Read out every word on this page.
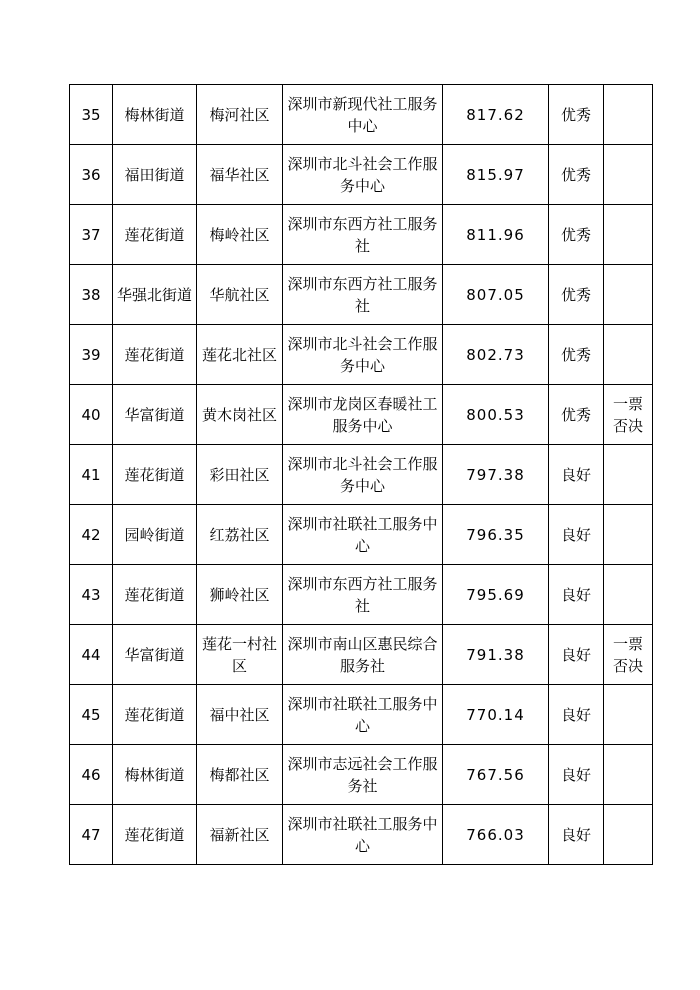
35	梅林街道	梅河社区	深圳市新现代社工服务中心	817.62	优秀	
36	福田街道	福华社区	深圳市北斗社会工作服务中心	815.97	优秀	
37	莲花街道	梅岭社区	深圳市东西方社工服务社	811.96	优秀	
38	华强北街道	华航社区	深圳市东西方社工服务社	807.05	优秀	
39	莲花街道	莲花北社区	深圳市北斗社会工作服务中心	802.73	优秀	
40	华富街道	黄木岗社区	深圳市龙岗区春暖社工服务中心	800.53	优秀	一票否决
41	莲花街道	彩田社区	深圳市北斗社会工作服务中心	797.38	良好	
42	园岭街道	红荔社区	深圳市社联社工服务中心	796.35	良好	
43	莲花街道	狮岭社区	深圳市东西方社工服务社	795.69	良好	
44	华富街道	莲花一村社区	深圳市南山区惠民综合服务社	791.38	良好	一票否决
45	莲花街道	福中社区	深圳市社联社工服务中心	770.14	良好	
46	梅林街道	梅都社区	深圳市志远社会工作服务社	767.56	良好	
47	莲花街道	福新社区	深圳市社联社工服务中心	766.03	良好	
